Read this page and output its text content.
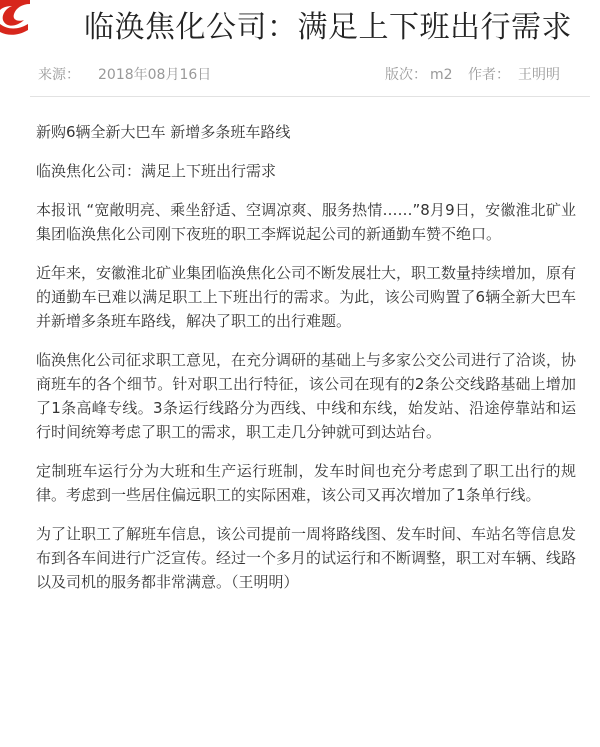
临涣焦化公司：满足上下班出行需求
来源： 2018年08月16日	版次： m2 作者： 王明明

新购6辆全新大巴车 新增多条班车路线

临涣焦化公司：满足上下班出行需求

本报讯 “宽敞明亮、乘坐舒适、空调凉爽、服务热情……”8月9日，安徽淮北矿业集团临涣焦化公司刚下夜班的职工李辉说起公司的新通勤车赞不绝口。

近年来，安徽淮北矿业集团临涣焦化公司不断发展壮大，职工数量持续增加，原有的通勤车已难以满足职工上下班出行的需求。为此，该公司购置了6辆全新大巴车并新增多条班车路线，解决了职工的出行难题。

临涣焦化公司征求职工意见，在充分调研的基础上与多家公交公司进行了洽谈，协商班车的各个细节。针对职工出行特征，该公司在现有的2条公交线路基础上增加了1条高峰专线。3条运行线路分为西线、中线和东线，始发站、沿途停靠站和运行时间统筹考虑了职工的需求，职工走几分钟就可到达站台。

定制班车运行分为大班和生产运行班制，发车时间也充分考虑到了职工出行的规律。考虑到一些居住偏远职工的实际困难，该公司又再次增加了1条单行线。

为了让职工了解班车信息，该公司提前一周将路线图、发车时间、车站名等信息发布到各车间进行广泛宣传。经过一个多月的试运行和不断调整，职工对车辆、线路以及司机的服务都非常满意。（王明明）
